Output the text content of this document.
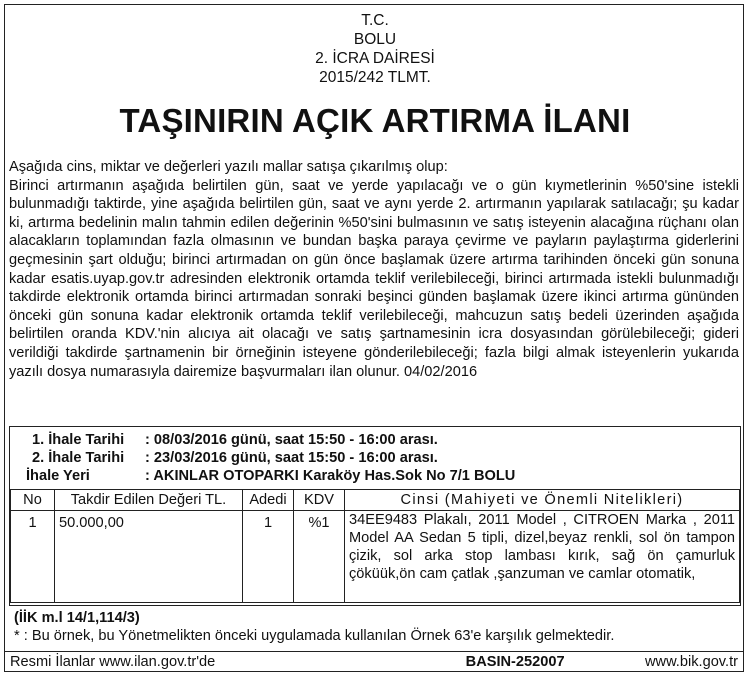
T.C.
BOLU
2. İCRA DAİRESİ
2015/242 TLMT.
TAŞINIRIN AÇIK ARTIRMA İLANI

Aşağıda cins, miktar ve değerleri yazılı mallar satışa çıkarılmış olup:

Birinci artırmanın aşağıda belirtilen gün, saat ve yerde yapılacağı ve o gün kıymetlerinin %50'sine istekli bulunmadığı taktirde, yine aşağıda belirtilen gün, saat ve aynı yerde 2. artırmanın yapılarak satılacağı; şu kadar ki, artırma bedelinin malın tahmin edilen değerinin %50'sini bulmasının ve satış isteyenin alacağına rüçhanı olan alacakların toplamından fazla olmasının ve bundan başka paraya çevirme ve payların paylaştırma giderlerini geçmesinin şart olduğu; birinci artırmadan on gün önce başlamak üzere artırma tarihinden önceki gün sonuna kadar esatis.uyap.gov.tr adresinden elektronik ortamda teklif verilebileceği, birinci artırmada istekli bulunmadığı takdirde elektronik ortamda birinci artırmadan sonraki beşinci günden başlamak üzere ikinci artırma gününden önceki gün sonuna kadar elektronik ortamda teklif verilebileceği, mahcuzun satış bedeli üzerinden aşağıda belirtilen oranda KDV.'nin alıcıya ait olacağı ve satış şartnamesinin icra dosyasından görülebileceği; gideri verildiği takdirde şartnamenin bir örneğinin isteyene gönderilebileceği; fazla bilgi almak isteyenlerin yukarıda yazılı dosya numarasıyla dairemize başvurmaları ilan olunur. 04/02/2016

1. İhale Tarihi	: 08/03/2016 günü, saat 15:50 - 16:00 arası.
2. İhale Tarihi	: 23/03/2016 günü, saat 15:50 - 16:00 arası.
İhale Yeri	: AKINLAR OTOPARKI Karaköy Has.Sok No 7/1 BOLU
No	Takdir Edilen Değeri TL.	Adedi	KDV	Cinsi (Mahiyeti ve Önemli Nitelikleri)
1	50.000,00	1	%1	34EE9483 Plakalı, 2011 Model , CITROEN Marka , 2011 Model AA Sedan 5 tipli, dizel,beyaz renkli, sol ön tampon çizik, sol arka stop lambası kırık, sağ ön çamurluk çöküük,ön cam çatlak ,şanzuman ve camlar otomatik,
(İİK m.l 14/1,114/3)
* : Bu örnek, bu Yönetmelikten önceki uygulamada kullanılan Örnek 63'e karşılık gelmektedir.
Resmi İlanlar www.ilan.gov.tr'de	BASIN-252007	www.bik.gov.tr
